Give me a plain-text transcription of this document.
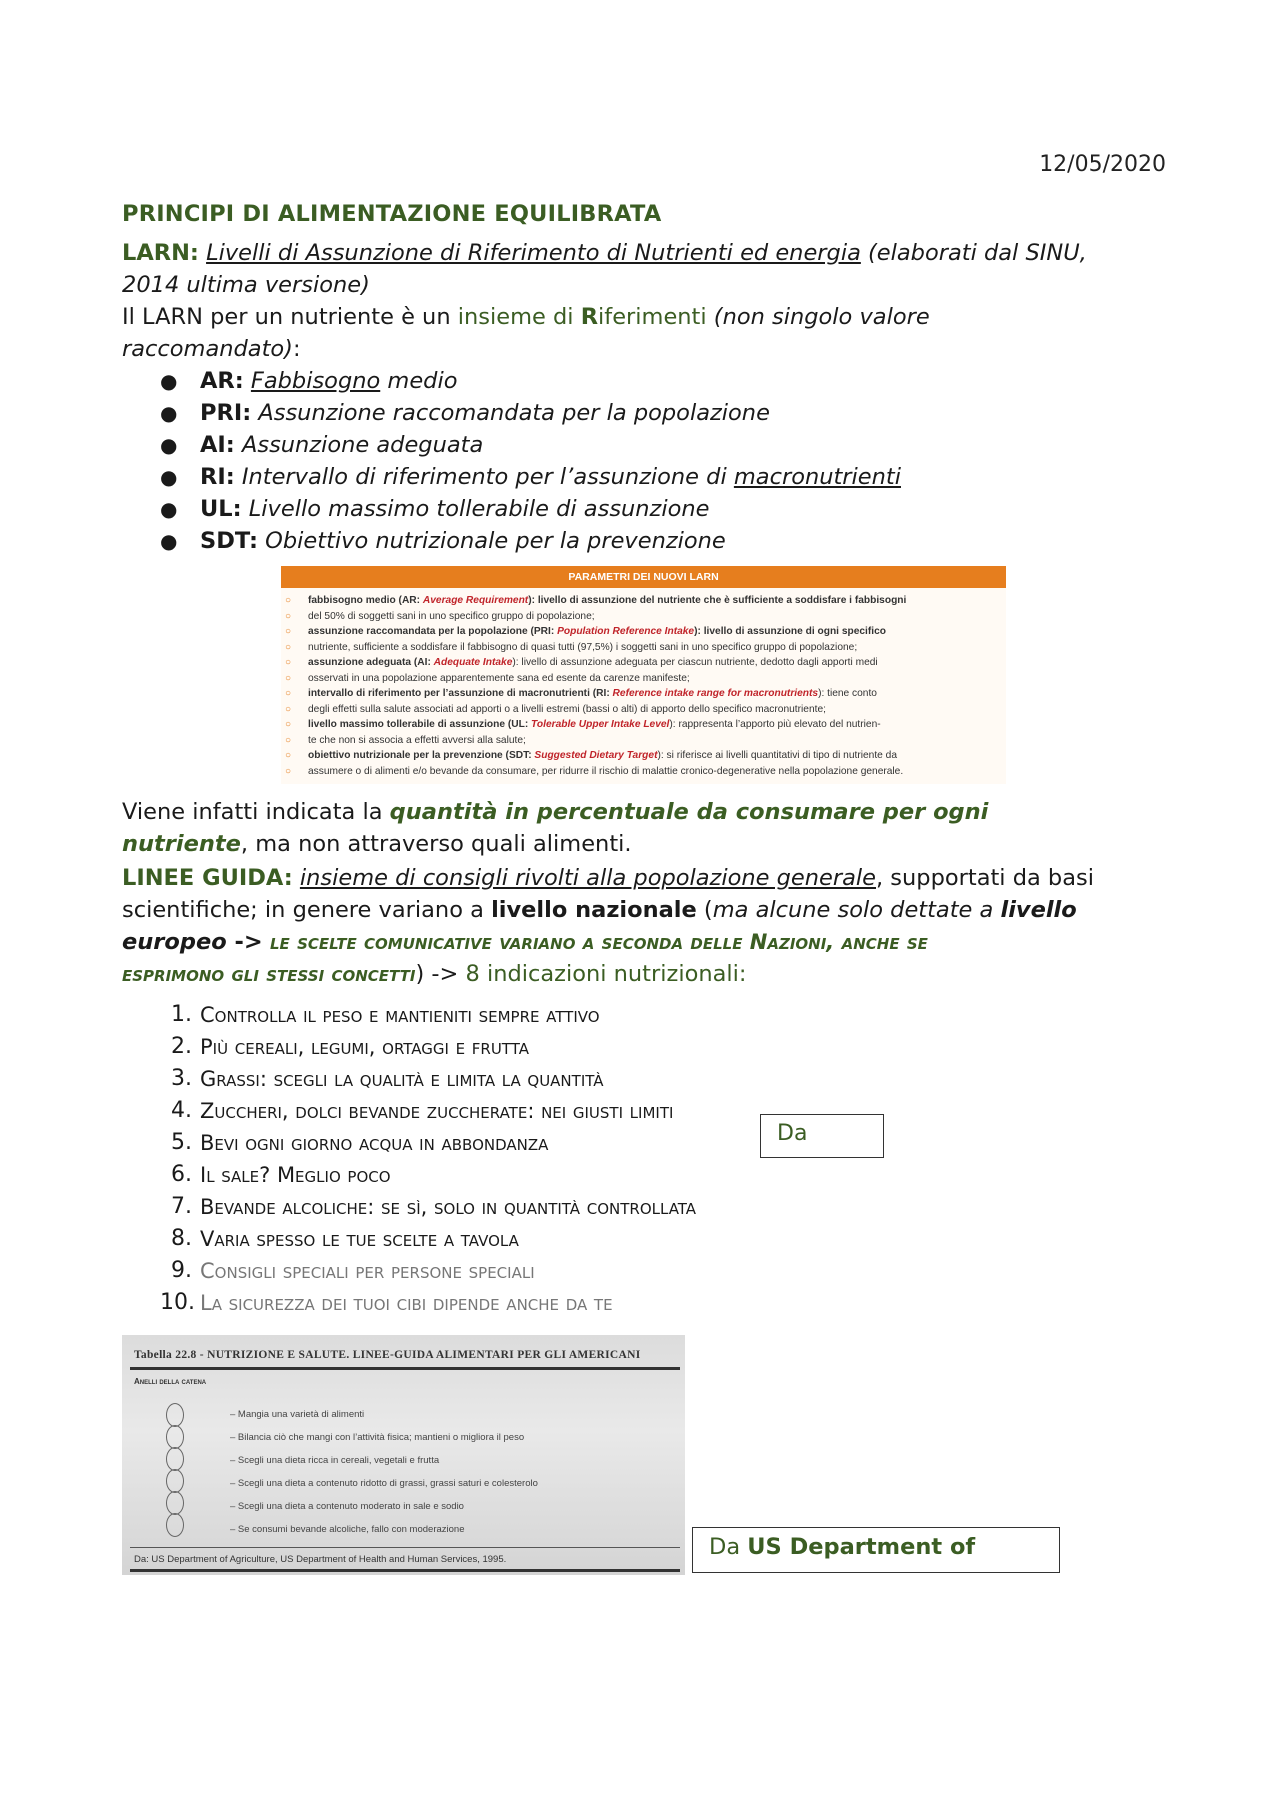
12/05/2020
PRINCIPI DI ALIMENTAZIONE EQUILIBRATA
LARN: Livelli di Assunzione di Riferimento di Nutrienti ed energia (elaborati dal SINU,
2014 ultima versione)
Il LARN per un nutriente è un insieme di Riferimenti (non singolo valore
raccomandato):
●	AR:
Fabbisogno medio
●	PRI:
Assunzione raccomandata per la popolazione
●	AI:
Assunzione adeguata
●	RI:
Intervallo di riferimento per l’assunzione di macronutrienti
●	UL:
Livello massimo tollerabile di assunzione
●	SDT:
Obiettivo nutrizionale per la prevenzione
PARAMETRI DEI NUOVI LARN
○
○
fabbisogno medio (AR: Average Requirement): livello di assunzione del nutriente che è sufficiente a soddisfare i fabbisogni
del 50% di soggetti sani in uno specifico gruppo di popolazione;
○
○
assunzione raccomandata per la popolazione (PRI: Population Reference Intake): livello di assunzione di ogni specifico
nutriente, sufficiente a soddisfare il fabbisogno di quasi tutti (97,5%) i soggetti sani in uno specifico gruppo di popolazione;
○
○
assunzione adeguata (AI: Adequate Intake): livello di assunzione adeguata per ciascun nutriente, dedotto dagli apporti medi
osservati in una popolazione apparentemente sana ed esente da carenze manifeste;
○
○
intervallo di riferimento per l’assunzione di macronutrienti (RI: Reference intake range for macronutrients): tiene conto
degli effetti sulla salute associati ad apporti o a livelli estremi (bassi o alti) di apporto dello specifico macronutriente;
○
○
livello massimo tollerabile di assunzione (UL: Tolerable Upper Intake Level): rappresenta l’apporto più elevato del nutrien-
te che non si associa a effetti avversi alla salute;
○
○
obiettivo nutrizionale per la prevenzione (SDT: Suggested Dietary Target): si riferisce ai livelli quantitativi di tipo di nutriente da
assumere o di alimenti e/o bevande da consumare, per ridurre il rischio di malattie cronico-degenerative nella popolazione generale.
Viene infatti indicata la quantità in percentuale da consumare per ogni
nutriente, ma non attraverso quali alimenti.
LINEE GUIDA: insieme di consigli rivolti alla popolazione generale, supportati da basi
scientifiche; in genere variano a livello nazionale (ma alcune solo dettate a livello
europeo -> le scelte comunicative variano a seconda delle Nazioni, anche se
esprimono gli stessi concetti) -> 8 indicazioni nutrizionali:
1. Controlla il peso e mantieniti sempre attivo
2. Più cereali, legumi, ortaggi e frutta
3. Grassi: scegli la qualità e limita la quantità
4. Zuccheri, dolci bevande zuccherate: nei giusti limiti
5. Bevi ogni giorno acqua in abbondanza
6. Il sale? Meglio poco
7. Bevande alcoliche: se sì, solo in quantità controllata
8. Varia spesso le tue scelte a tavola
9. Consigli speciali per persone speciali
10. La sicurezza dei tuoi cibi dipende anche da te
Da
Tabella 22.8 - NUTRIZIONE E SALUTE. LINEE-GUIDA ALIMENTARI PER GLI AMERICANI
Anelli della catena
– Mangia una varietà di alimenti
– Bilancia ciò che mangi con l’attività fisica; mantieni o migliora il peso
– Scegli una dieta ricca in cereali, vegetali e frutta
– Scegli una dieta a contenuto ridotto di grassi, grassi saturi e colesterolo
– Scegli una dieta a contenuto moderato in sale e sodio
– Se consumi bevande alcoliche, fallo con moderazione
Da: US Department of Agriculture, US Department of Health and Human Services, 1995.	Da US Department of
